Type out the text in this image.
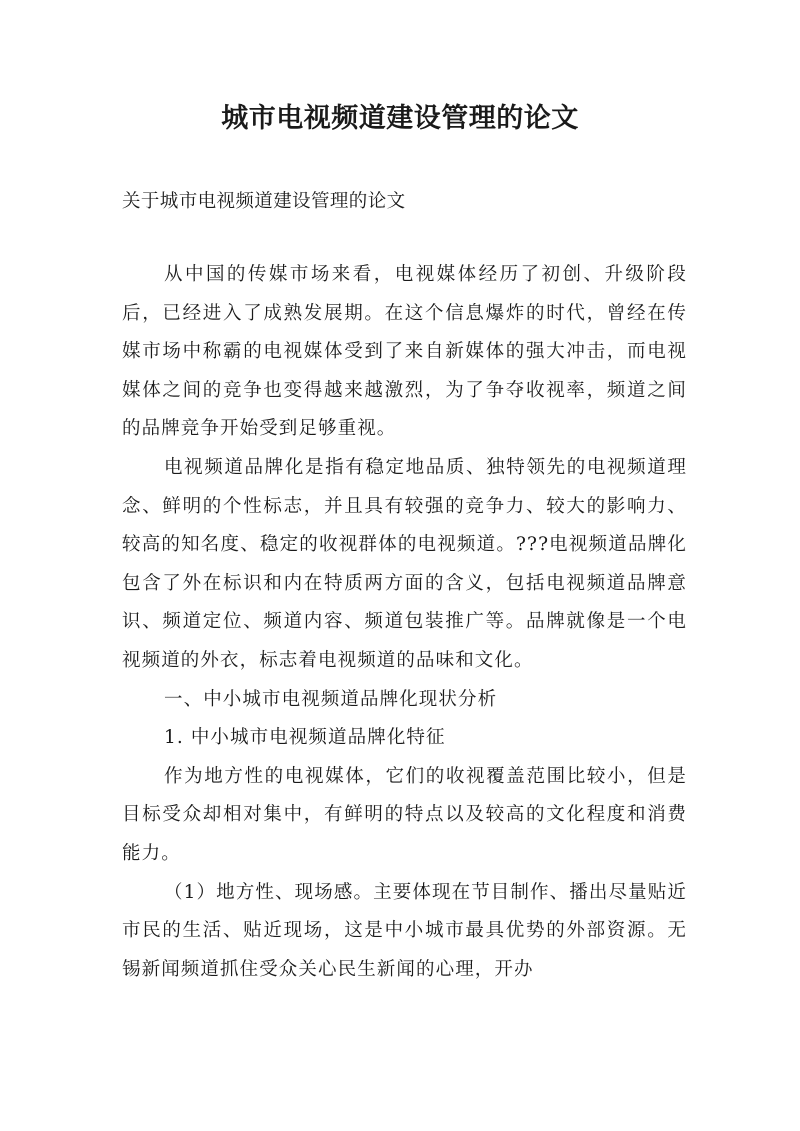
城市电视频道建设管理的论文

关于城市电视频道建设管理的论文

从中国的传媒市场来看，电视媒体经历了初创、升级阶段后，已经进入了成熟发展期。在这个信息爆炸的时代，曾经在传媒市场中称霸的电视媒体受到了来自新媒体的强大冲击，而电视媒体之间的竞争也变得越来越激烈，为了争夺收视率，频道之间的品牌竞争开始受到足够重视。

电视频道品牌化是指有稳定地品质、独特领先的电视频道理念、鲜明的个性标志，并且具有较强的竞争力、较大的影响力、较高的知名度、稳定的收视群体的电视频道。???电视频道品牌化包含了外在标识和内在特质两方面的含义，包括电视频道品牌意识、频道定位、频道内容、频道包装推广等。品牌就像是一个电视频道的外衣，标志着电视频道的品味和文化。

一、中小城市电视频道品牌化现状分析

1. 中小城市电视频道品牌化特征

作为地方性的电视媒体，它们的收视覆盖范围比较小，但是目标受众却相对集中，有鲜明的特点以及较高的文化程度和消费能力。

（1）地方性、现场感。主要体现在节目制作、播出尽量贴近市民的生活、贴近现场，这是中小城市最具优势的外部资源。无锡新闻频道抓住受众关心民生新闻的心理，开办
